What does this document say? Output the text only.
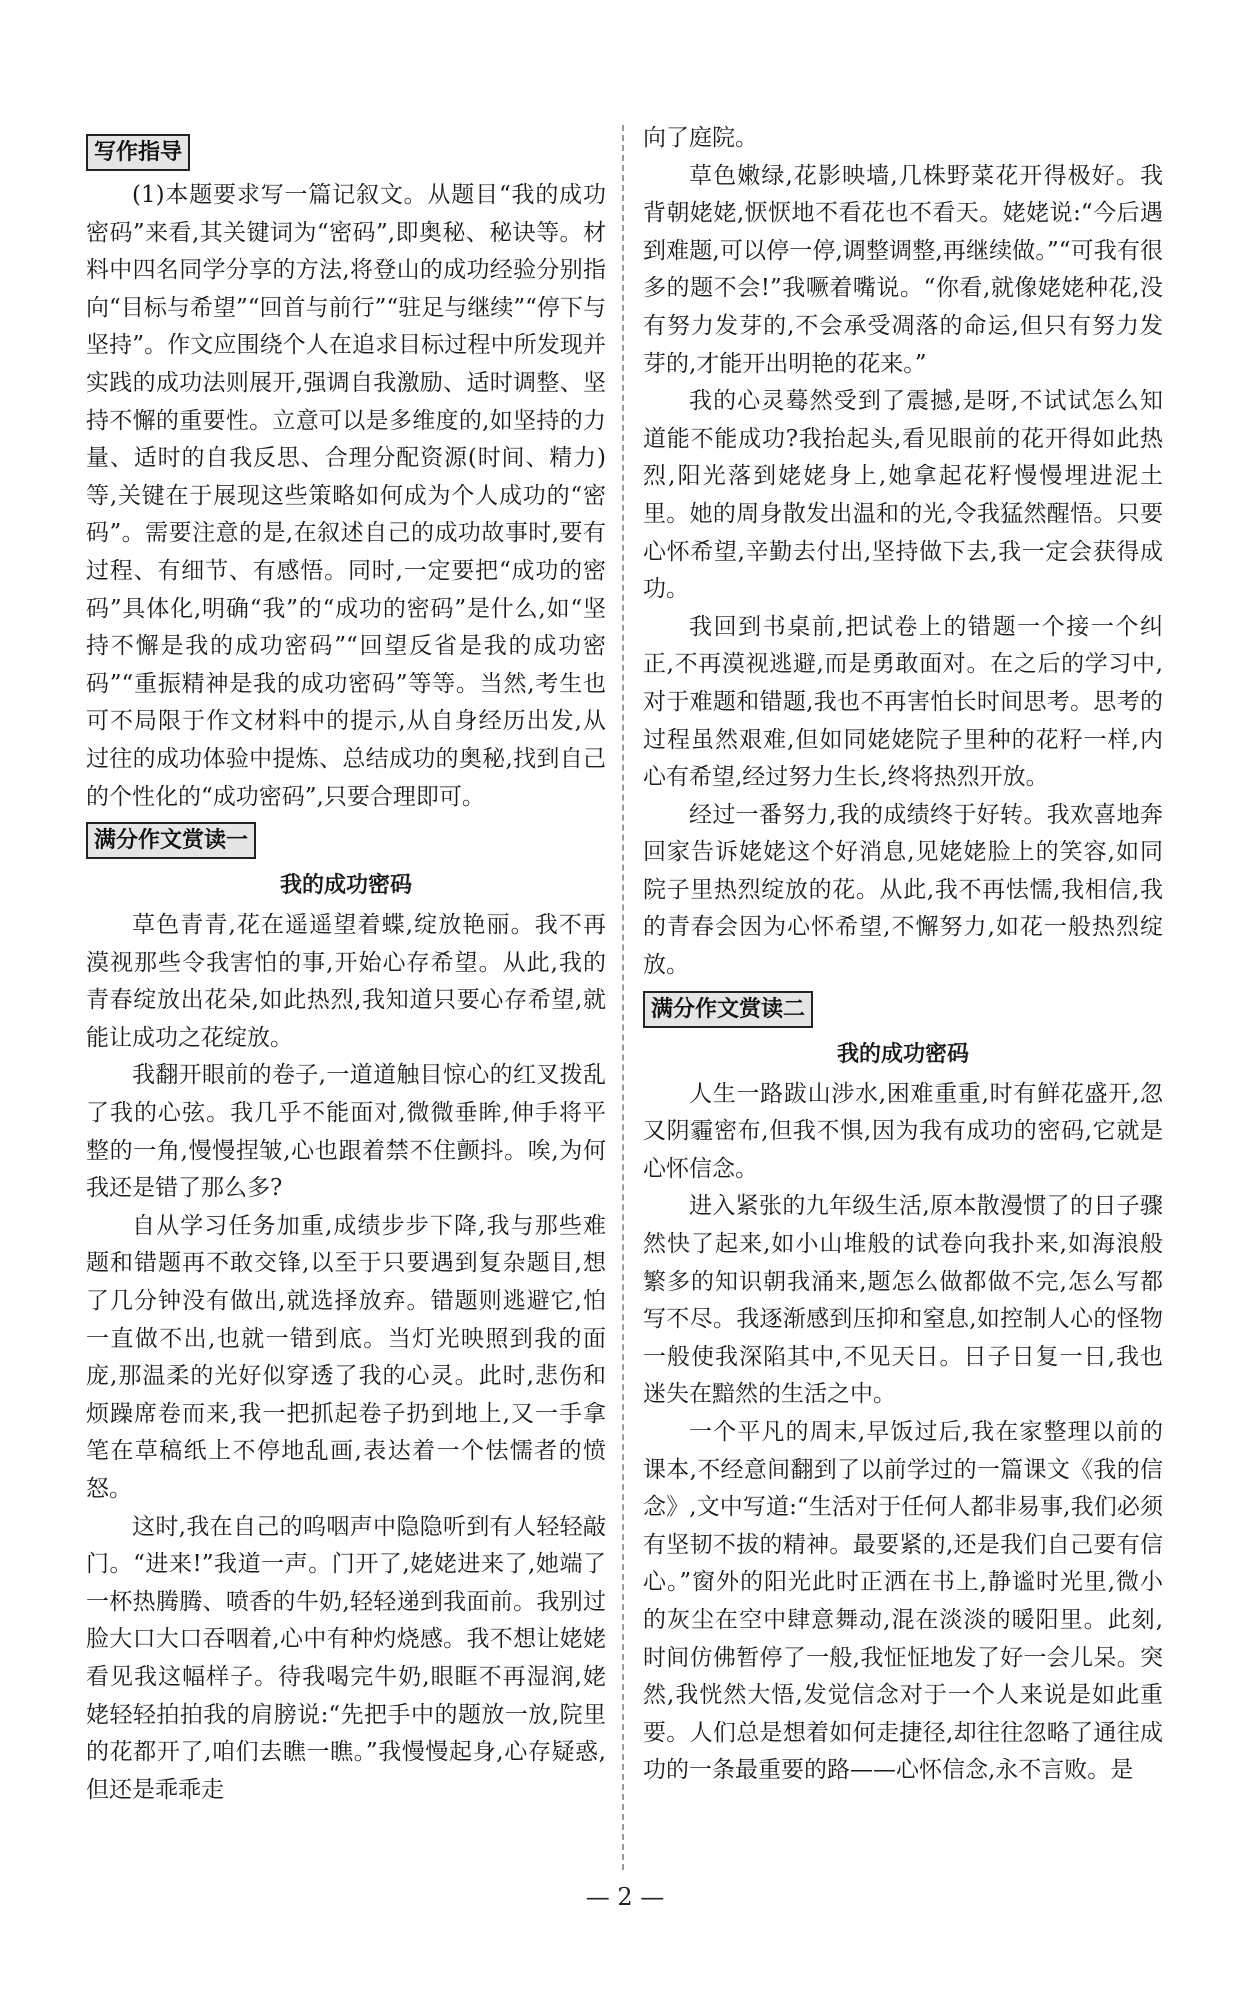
写作指导

(1)本题要求写一篇记叙文。从题目“我的成功密码”来看,其关键词为“密码”,即奥秘、秘诀等。材料中四名同学分享的方法,将登山的成功经验分别指向“目标与希望”“回首与前行”“驻足与继续”“停下与坚持”。作文应围绕个人在追求目标过程中所发现并实践的成功法则展开,强调自我激励、适时调整、坚持不懈的重要性。立意可以是多维度的,如坚持的力量、适时的自我反思、合理分配资源(时间、精力)等,关键在于展现这些策略如何成为个人成功的“密码”。需要注意的是,在叙述自己的成功故事时,要有过程、有细节、有感悟。同时,一定要把“成功的密码”具体化,明确“我”的“成功的密码”是什么,如“坚持不懈是我的成功密码”“回望反省是我的成功密码”“重振精神是我的成功密码”等等。当然,考生也可不局限于作文材料中的提示,从自身经历出发,从过往的成功体验中提炼、总结成功的奥秘,找到自己的个性化的“成功密码”,只要合理即可。

满分作文赏读一
我的成功密码

草色青青,花在遥遥望着蝶,绽放艳丽。我不再漠视那些令我害怕的事,开始心存希望。从此,我的青春绽放出花朵,如此热烈,我知道只要心存希望,就能让成功之花绽放。

我翻开眼前的卷子,一道道触目惊心的红叉拨乱了我的心弦。我几乎不能面对,微微垂眸,伸手将平整的一角,慢慢捏皱,心也跟着禁不住颤抖。唉,为何我还是错了那么多?

自从学习任务加重,成绩步步下降,我与那些难题和错题再不敢交锋,以至于只要遇到复杂题目,想了几分钟没有做出,就选择放弃。错题则逃避它,怕一直做不出,也就一错到底。当灯光映照到我的面庞,那温柔的光好似穿透了我的心灵。此时,悲伤和烦躁席卷而来,我一把抓起卷子扔到地上,又一手拿笔在草稿纸上不停地乱画,表达着一个怯懦者的愤怒。

这时,我在自己的呜咽声中隐隐听到有人轻轻敲门。“进来!”我道一声。门开了,姥姥进来了,她端了一杯热腾腾、喷香的牛奶,轻轻递到我面前。我别过脸大口大口吞咽着,心中有种灼烧感。我不想让姥姥看见我这幅样子。待我喝完牛奶,眼眶不再湿润,姥姥轻轻拍拍我的肩膀说:“先把手中的题放一放,院里的花都开了,咱们去瞧一瞧。”我慢慢起身,心存疑惑,但还是乖乖走

向了庭院。

草色嫩绿,花影映墙,几株野菜花开得极好。我背朝姥姥,恹恹地不看花也不看天。姥姥说:“今后遇到难题,可以停一停,调整调整,再继续做。”“可我有很多的题不会!”我噘着嘴说。“你看,就像姥姥种花,没有努力发芽的,不会承受凋落的命运,但只有努力发芽的,才能开出明艳的花来。”

我的心灵蓦然受到了震撼,是呀,不试试怎么知道能不能成功?我抬起头,看见眼前的花开得如此热烈,阳光落到姥姥身上,她拿起花籽慢慢埋进泥土里。她的周身散发出温和的光,令我猛然醒悟。只要心怀希望,辛勤去付出,坚持做下去,我一定会获得成功。

我回到书桌前,把试卷上的错题一个接一个纠正,不再漠视逃避,而是勇敢面对。在之后的学习中,对于难题和错题,我也不再害怕长时间思考。思考的过程虽然艰难,但如同姥姥院子里种的花籽一样,内心有希望,经过努力生长,终将热烈开放。

经过一番努力,我的成绩终于好转。我欢喜地奔回家告诉姥姥这个好消息,见姥姥脸上的笑容,如同院子里热烈绽放的花。从此,我不再怯懦,我相信,我的青春会因为心怀希望,不懈努力,如花一般热烈绽放。

满分作文赏读二
我的成功密码

人生一路跋山涉水,困难重重,时有鲜花盛开,忽又阴霾密布,但我不惧,因为我有成功的密码,它就是心怀信念。

进入紧张的九年级生活,原本散漫惯了的日子骤然快了起来,如小山堆般的试卷向我扑来,如海浪般繁多的知识朝我涌来,题怎么做都做不完,怎么写都写不尽。我逐渐感到压抑和窒息,如控制人心的怪物一般使我深陷其中,不见天日。日子日复一日,我也迷失在黯然的生活之中。

一个平凡的周末,早饭过后,我在家整理以前的课本,不经意间翻到了以前学过的一篇课文《我的信念》,文中写道:“生活对于任何人都非易事,我们必须有坚韧不拔的精神。最要紧的,还是我们自己要有信心。”窗外的阳光此时正洒在书上,静谧时光里,微小的灰尘在空中肆意舞动,混在淡淡的暖阳里。此刻,时间仿佛暂停了一般,我怔怔地发了好一会儿呆。突然,我恍然大悟,发觉信念对于一个人来说是如此重要。人们总是想着如何走捷径,却往往忽略了通往成功的一条最重要的路——心怀信念,永不言败。是

— 2 —
